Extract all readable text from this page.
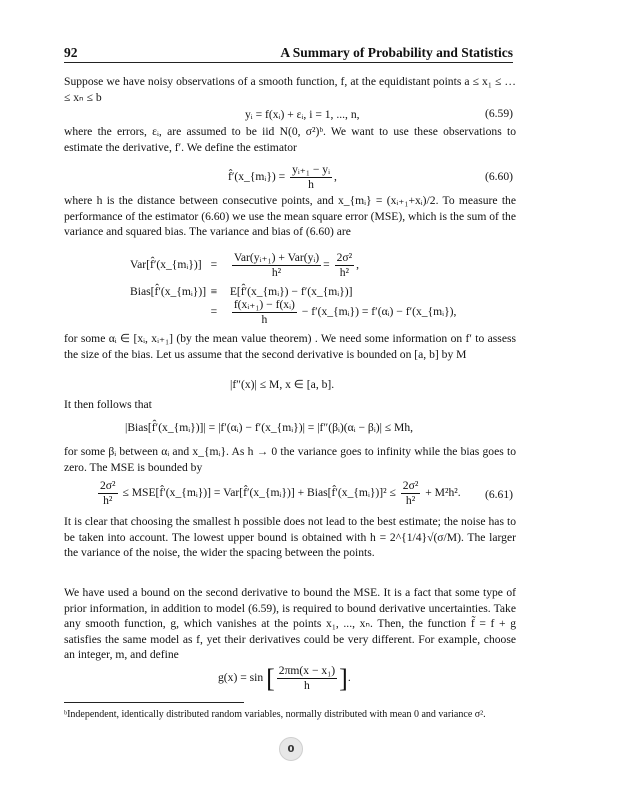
92	A Summary of Probability and Statistics
Suppose we have noisy observations of a smooth function, f, at the equidistant points a ≤ x₁ ≤ … ≤ xₙ ≤ b
yᵢ = f(xᵢ) + εᵢ, i = 1, ..., n,	(6.59)
where the errors, εᵢ, are assumed to be iid N(0, σ²)ᵇ. We want to use these observations to estimate the derivative, f′. We define the estimator
f̂′(x_{mᵢ}) = $\frac{\text{yᵢ₊₁ − yᵢ}}{h}$ ,	(6.60)
where h is the distance between consecutive points, and x_{mᵢ} = (xᵢ₊₁+xᵢ)/2. To measure the performance of the estimator (6.60) we use the mean square error (MSE), which is the sum of the variance and squared bias. The variance and bias of (6.60) are
Var[f̂′(x_{mᵢ})] = $\frac{\text{Var(yᵢ₊₁) + Var(yᵢ)}}{\text{h²}} = \frac{\text{2σ²}}{\text{h²}}$ ,
Bias[f̂′(x_{mᵢ})] ≡ E[f̂′(x_{mᵢ}) − f′(x_{mᵢ})]
= $\frac{\text{f(xᵢ₊₁) − f(xᵢ)}}{h}$ − f′(x_{mᵢ}) = f′(αᵢ) − f′(x_{mᵢ}),
for some αᵢ ∈ [xᵢ, xᵢ₊₁] (by the mean value theorem) . We need some information on f′ to assess the size of the bias. Let us assume that the second derivative is bounded on [a, b] by M
|f″(x)| ≤ M, x ∈ [a, b].
It then follows that
|Bias[f̂′(x_{mᵢ})]| = |f′(αᵢ) − f′(x_{mᵢ})| = |f″(βᵢ)(αᵢ − βᵢ)| ≤ Mh,
for some βᵢ between αᵢ and x_{mᵢ}. As h → 0 the variance goes to infinity while the bias goes to zero. The MSE is bounded by
$\frac{\text{2σ²}}{\text{h²}}$ ≤ MSE[f̂′(x_{mᵢ})] = Var[f̂′(x_{mᵢ})] + Bias[f̂′(x_{mᵢ})]² ≤ $\frac{\text{2σ²}}{\text{h²}} + M^2h^2$. (6.61)
It is clear that choosing the smallest h possible does not lead to the best estimate; the noise has to be taken into account. The lowest upper bound is obtained with h = 2^{1/4}√(σ/M). The larger the variance of the noise, the wider the spacing between the points.
We have used a bound on the second derivative to bound the MSE. It is a fact that some type of prior information, in addition to model (6.59), is required to bound derivative uncertainties. Take any smooth function, g, which vanishes at the points x₁, ..., xₙ. Then, the function f̃ = f + g satisfies the same model as f, yet their derivatives could be very different. For example, choose an integer, m, and define
g(x) = sin [ $\frac{\text{2πm(x − x₁)}}{h}$ ].
ᵇIndependent, identically distributed random variables, normally distributed with mean 0 and variance σ².
0
